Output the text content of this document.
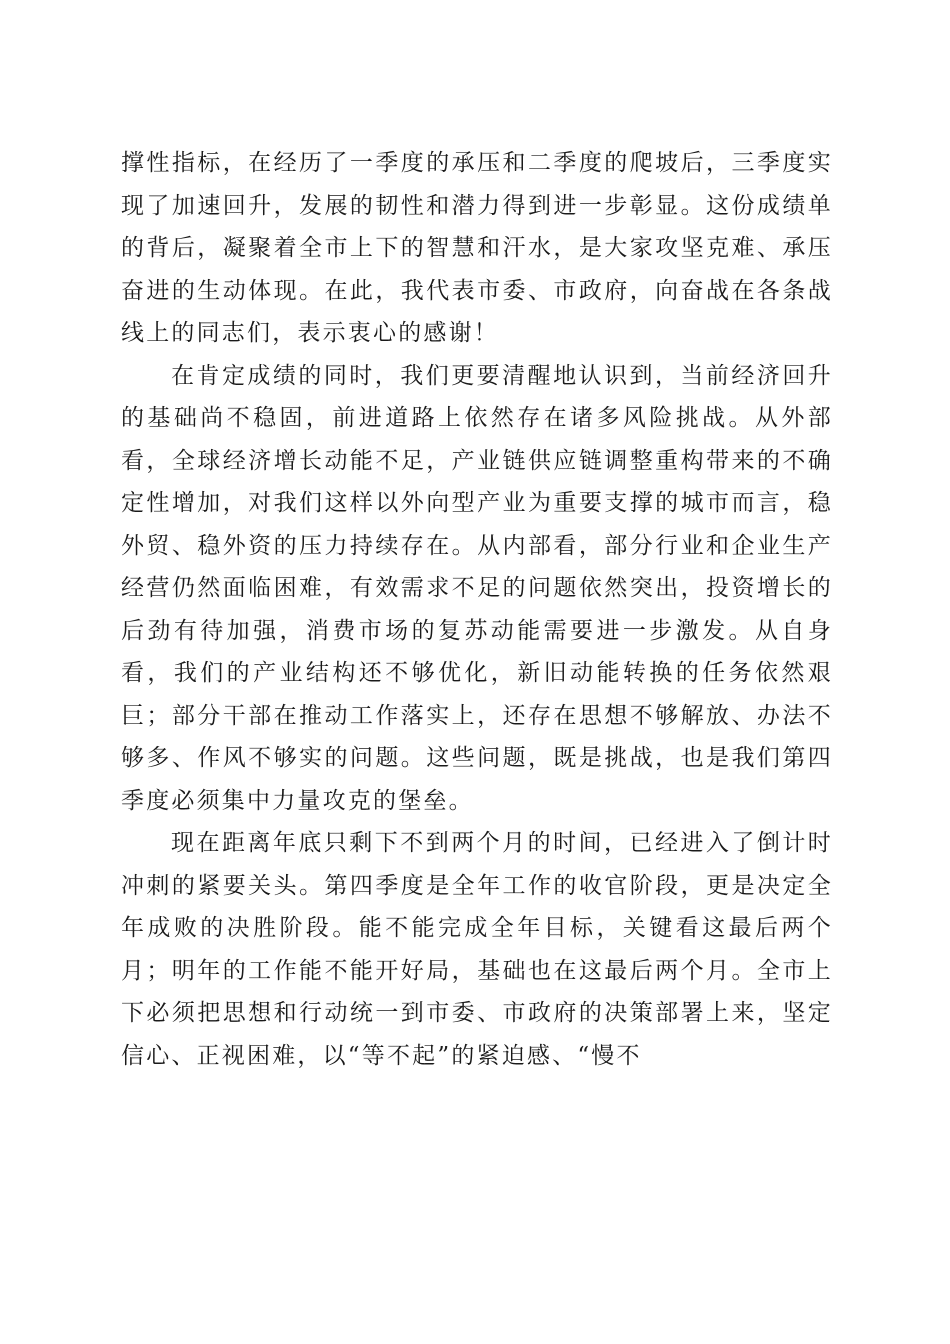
撑性指标，在经历了一季度的承压和二季度的爬坡后，三季度实现了加速回升，发展的韧性和潜力得到进一步彰显。这份成绩单的背后，凝聚着全市上下的智慧和汗水，是大家攻坚克难、承压奋进的生动体现。在此，我代表市委、市政府，向奋战在各条战线上的同志们，表示衷心的感谢！

在肯定成绩的同时，我们更要清醒地认识到，当前经济回升的基础尚不稳固，前进道路上依然存在诸多风险挑战。从外部看，全球经济增长动能不足，产业链供应链调整重构带来的不确定性增加，对我们这样以外向型产业为重要支撑的城市而言，稳外贸、稳外资的压力持续存在。从内部看，部分行业和企业生产经营仍然面临困难，有效需求不足的问题依然突出，投资增长的后劲有待加强，消费市场的复苏动能需要进一步激发。从自身看，我们的产业结构还不够优化，新旧动能转换的任务依然艰巨；部分干部在推动工作落实上，还存在思想不够解放、办法不够多、作风不够实的问题。这些问题，既是挑战，也是我们第四季度必须集中力量攻克的堡垒。

现在距离年底只剩下不到两个月的时间，已经进入了倒计时冲刺的紧要关头。第四季度是全年工作的收官阶段，更是决定全年成败的决胜阶段。能不能完成全年目标，关键看这最后两个月；明年的工作能不能开好局，基础也在这最后两个月。全市上下必须把思想和行动统一到市委、市政府的决策部署上来，坚定信心、正视困难，以“等不起”的紧迫感、“慢不
